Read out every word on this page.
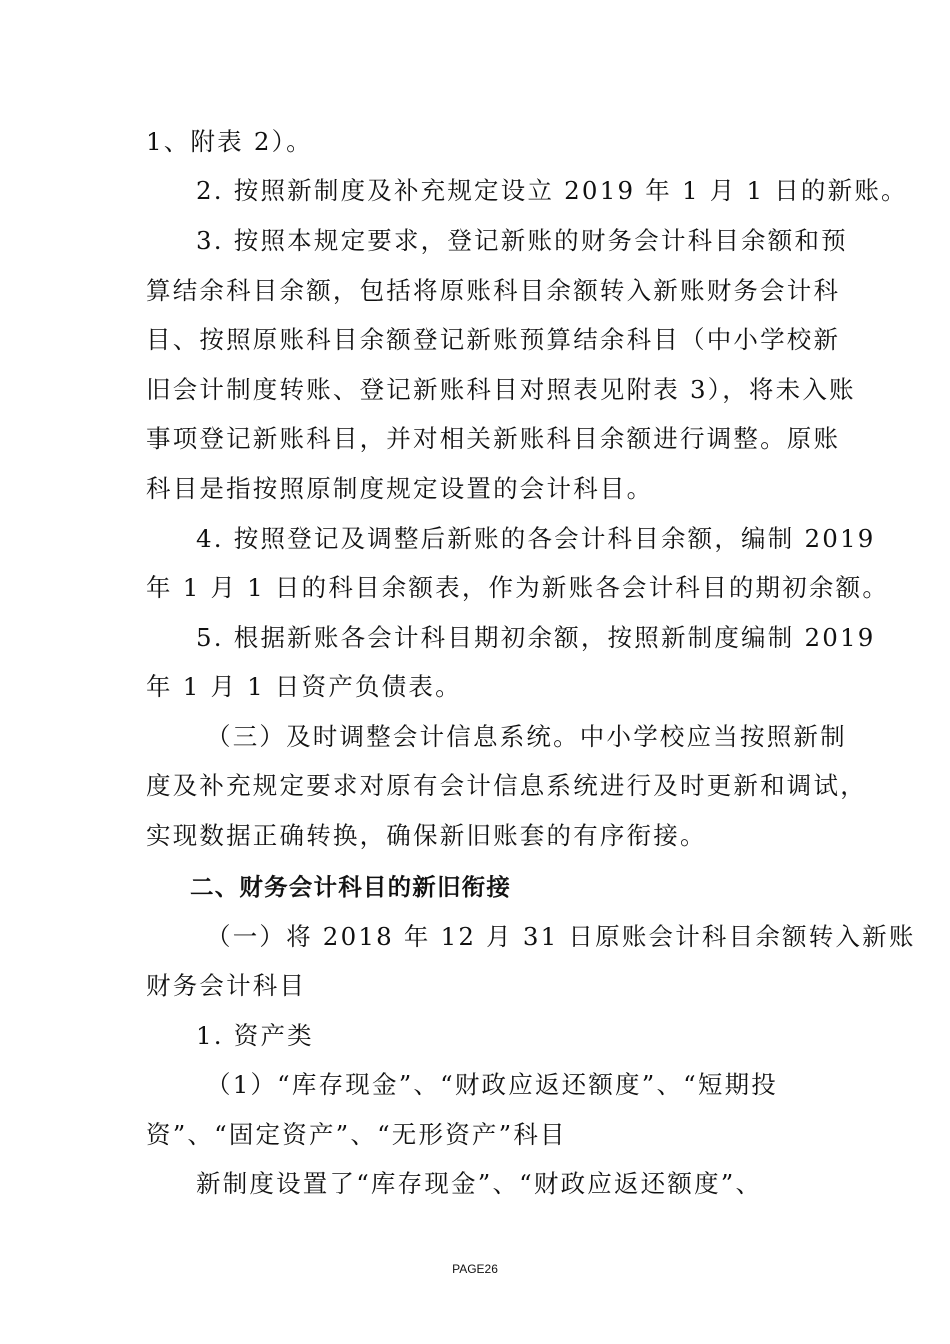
1、附表 2）。
2. 按照新制度及补充规定设立 2019 年 1 月 1 日的新账。
3. 按照本规定要求，登记新账的财务会计科目余额和预
算结余科目余额，包括将原账科目余额转入新账财务会计科
目、按照原账科目余额登记新账预算结余科目（中小学校新
旧会计制度转账、登记新账科目对照表见附表 3），将未入账
事项登记新账科目，并对相关新账科目余额进行调整。原账
科目是指按照原制度规定设置的会计科目。
4. 按照登记及调整后新账的各会计科目余额，编制 2019
年 1 月 1 日的科目余额表，作为新账各会计科目的期初余额。
5. 根据新账各会计科目期初余额，按照新制度编制 2019
年 1 月 1 日资产负债表。
（三）及时调整会计信息系统。中小学校应当按照新制
度及补充规定要求对原有会计信息系统进行及时更新和调试，
实现数据正确转换，确保新旧账套的有序衔接。
二、财务会计科目的新旧衔接
（一）将 2018 年 12 月 31 日原账会计科目余额转入新账
财务会计科目
1. 资产类
（1）“库存现金”、“财政应返还额度”、“短期投
资”、“固定资产”、“无形资产”科目
新制度设置了“库存现金”、“财政应返还额度”、
PAGE26
